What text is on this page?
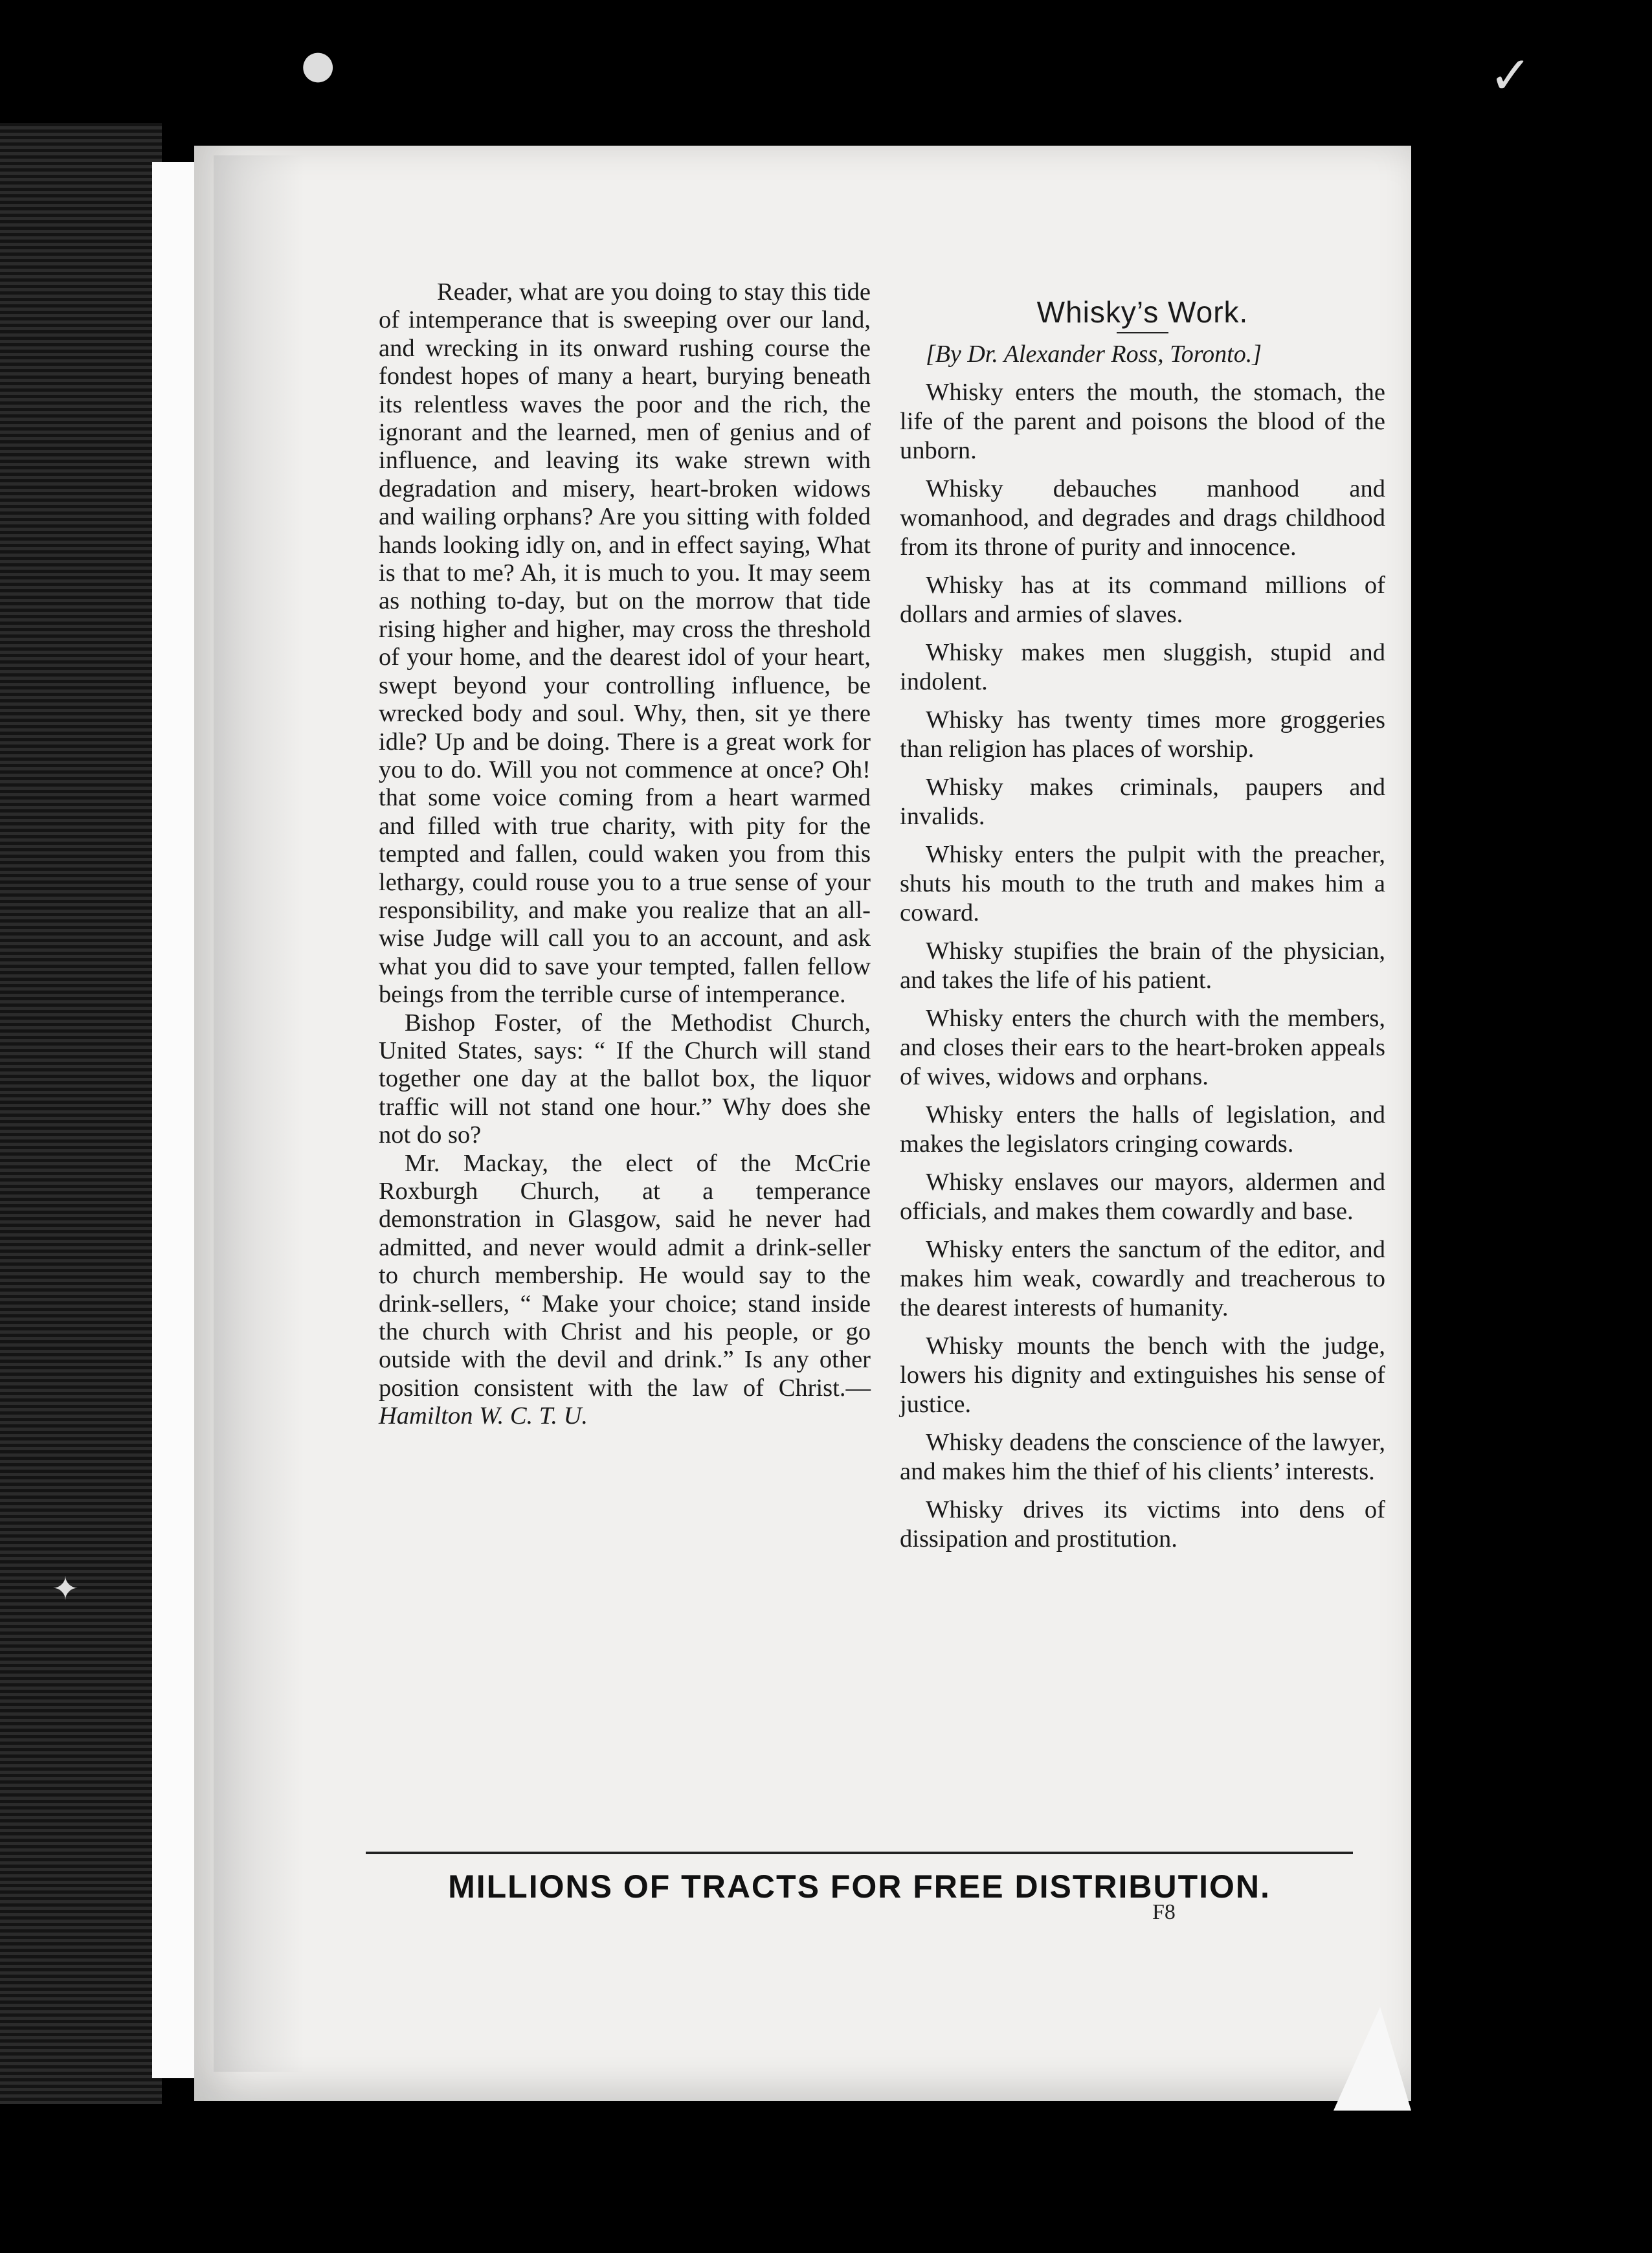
●	✓
✦

Reader, what are you doing to stay this tide of intemperance that is sweeping over our land, and wrecking in its onward rushing course the fondest hopes of many a heart, burying beneath its relentless waves the poor and the rich, the ignorant and the learned, men of genius and of influence, and leaving its wake strewn with degradation and misery, heart-broken widows and wailing orphans? Are you sitting with folded hands looking idly on, and in effect saying, What is that to me? Ah, it is much to you. It may seem as nothing to-day, but on the morrow that tide rising higher and higher, may cross the threshold of your home, and the dearest idol of your heart, swept beyond your controlling influence, be wrecked body and soul. Why, then, sit ye there idle? Up and be doing. There is a great work for you to do. Will you not commence at once? Oh! that some voice coming from a heart warmed and filled with true charity, with pity for the tempted and fallen, could waken you from this lethargy, could rouse you to a true sense of your responsibility, and make you realize that an all-wise Judge will call you to an account, and ask what you did to save your tempted, fallen fellow beings from the terrible curse of intemperance.

Bishop Foster, of the Methodist Church, United States, says: “ If the Church will stand together one day at the ballot box, the liquor traffic will not stand one hour.” Why does she not do so?

Mr. Mackay, the elect of the McCrie Roxburgh Church, at a temperance demonstration in Glasgow, said he never had admitted, and never would admit a drink-seller to church membership. He would say to the drink-sellers, “ Make your choice; stand inside the church with Christ and his people, or go outside with the devil and drink.” Is any other position consistent with the law of Christ.—Hamilton W. C. T. U.

Whisky’s Work.

[By Dr. Alexander Ross, Toronto.]

Whisky enters the mouth, the stomach, the life of the parent and poisons the blood of the unborn.

Whisky debauches manhood and womanhood, and degrades and drags childhood from its throne of purity and innocence.

Whisky has at its command millions of dollars and armies of slaves.

Whisky makes men sluggish, stupid and indolent.

Whisky has twenty times more groggeries than religion has places of worship.

Whisky makes criminals, paupers and invalids.

Whisky enters the pulpit with the preacher, shuts his mouth to the truth and makes him a coward.

Whisky stupifies the brain of the physician, and takes the life of his patient.

Whisky enters the church with the members, and closes their ears to the heart-broken appeals of wives, widows and orphans.

Whisky enters the halls of legislation, and makes the legislators cringing cowards.

Whisky enslaves our mayors, aldermen and officials, and makes them cowardly and base.

Whisky enters the sanctum of the editor, and makes him weak, cowardly and treacherous to the dearest interests of humanity.

Whisky mounts the bench with the judge, lowers his dignity and extinguishes his sense of justice.

Whisky deadens the conscience of the lawyer, and makes him the thief of his clients’ interests.

Whisky drives its victims into dens of dissipation and prostitution.

MILLIONS OF TRACTS FOR FREE DISTRIBUTION.
F8
